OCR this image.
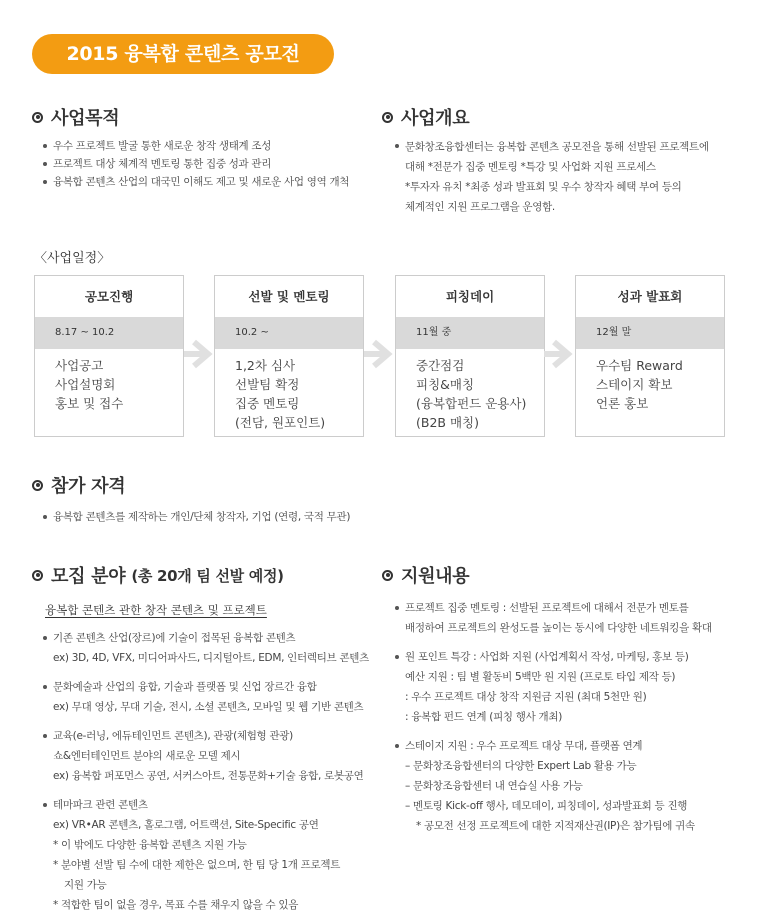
2015 융복합 콘텐츠 공모전
사업목적
우수 프로젝트 발굴 통한 새로운 창작 생태계 조성
프로젝트 대상 체계적 멘토링 통한 집중 성과 관리
융복합 콘텐츠 산업의 대국민 이해도 제고 및 새로운 사업 영역 개척
사업개요
문화창조융합센터는 융복합 콘텐츠 공모전을 통해 선발된 프로젝트에
대해 *전문가 집중 멘토링 *특강 및 사업화 지원 프로세스
*투자자 유치 *최종 성과 발표회 및 우수 창작자 혜택 부여 등의
체계적인 지원 프로그램을 운영함.
〈사업일정〉
공모진행
8.17 ~ 10.2
사업공고
사업설명회
홍보 및 접수
선발 및 멘토링
10.2 ~
1,2차 심사
선발팀 확정
집중 멘토링
(전담, 원포인트)
피칭데이
11월 중
중간점검
피칭&매칭
(융복합펀드 운용사)
(B2B 매칭)
성과 발표회
12월 말
우수팀 Reward
스테이지 확보
언론 홍보
참가 자격
융복합 콘텐츠를 제작하는 개인/단체 창작자, 기업 (연령, 국적 무관)
모집 분야 (총 20개 팀 선발 예정)
융복합 콘텐츠 관한 창작 콘텐츠 및 프로젝트
기존 콘텐츠 산업(장르)에 기술이 접목된 융복합 콘텐츠
ex) 3D, 4D, VFX, 미디어파사드, 디지털아트, EDM, 인터렉티브 콘텐츠
문화예술과 산업의 융합, 기술과 플랫폼 및 신업 장르간 융합
ex) 무대 영상, 무대 기술, 전시, 소셜 콘텐츠, 모바일 및 웹 기반 콘텐츠
교육(e-러닝, 에듀테인먼트 콘텐츠), 관광(체험형 관광)
쇼&엔터테인먼트 분야의 새로운 모델 제시
ex) 융복합 퍼포먼스 공연, 서커스아트, 전통문화+기술 융합, 로봇공연
테마파크 관련 콘텐츠
ex) VR•AR 콘텐츠, 홀로그램, 어트랙션, Site-Specific 공연
* 이 밖에도 다양한 융복합 콘텐츠 지원 가능
* 분야별 선발 팀 수에 대한 제한은 없으며, 한 팀 당 1개 프로젝트
지원 가능
* 적합한 팀이 없을 경우, 목표 수를 채우지 않을 수 있음
지원내용
프로젝트 집중 멘토링 : 선발된 프로젝트에 대해서 전문가 멘토를
배정하여 프로젝트의 완성도를 높이는 동시에 다양한 네트워킹을 확대
원 포인트 특강 : 사업화 지원 (사업계획서 작성, 마케팅, 홍보 등)
예산 지원 : 팀 별 활동비 5백만 원 지원 (프로토 타입 제작 등)
: 우수 프로젝트 대상 창작 지원금 지원 (최대 5천만 원)
: 융복합 펀드 연계 (피칭 행사 개최)
스테이지 지원 : 우수 프로젝트 대상 무대, 플랫폼 연계
– 문화창조융합센터의 다양한 Expert Lab 활용 가능
– 문화창조융합센터 내 연습실 사용 가능
– 멘토링 Kick-off 행사, 데모데이, 피칭데이, 성과발표회 등 진행
* 공모전 선정 프로젝트에 대한 지적재산권(IP)은 참가팀에 귀속
